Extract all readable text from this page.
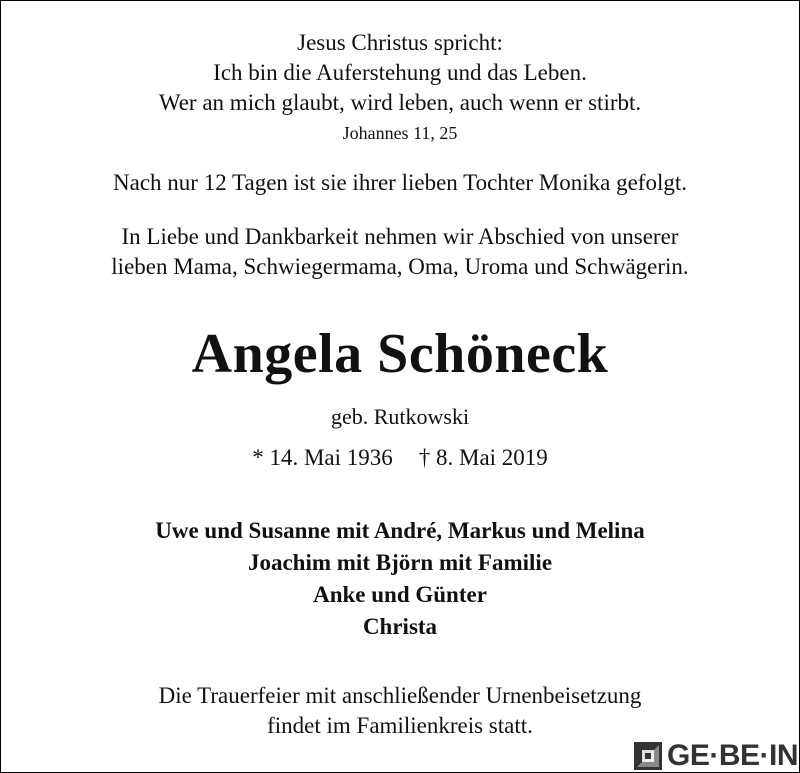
Jesus Christus spricht:
Ich bin die Auferstehung und das Leben.
Wer an mich glaubt, wird leben, auch wenn er stirbt.
Johannes 11, 25
Nach nur 12 Tagen ist sie ihrer lieben Tochter Monika gefolgt.
In Liebe und Dankbarkeit nehmen wir Abschied von unserer
lieben Mama, Schwiegermama, Oma, Uroma und Schwägerin.
Angela Schöneck
geb. Rutkowski
* 14. Mai 1936 † 8. Mai 2019
Uwe und Susanne mit André, Markus und Melina
Joachim mit Björn mit Familie
Anke und Günter
Christa
Die Trauerfeier mit anschließender Urnenbeisetzung
findet im Familienkreis statt.
GE·BE·IN
